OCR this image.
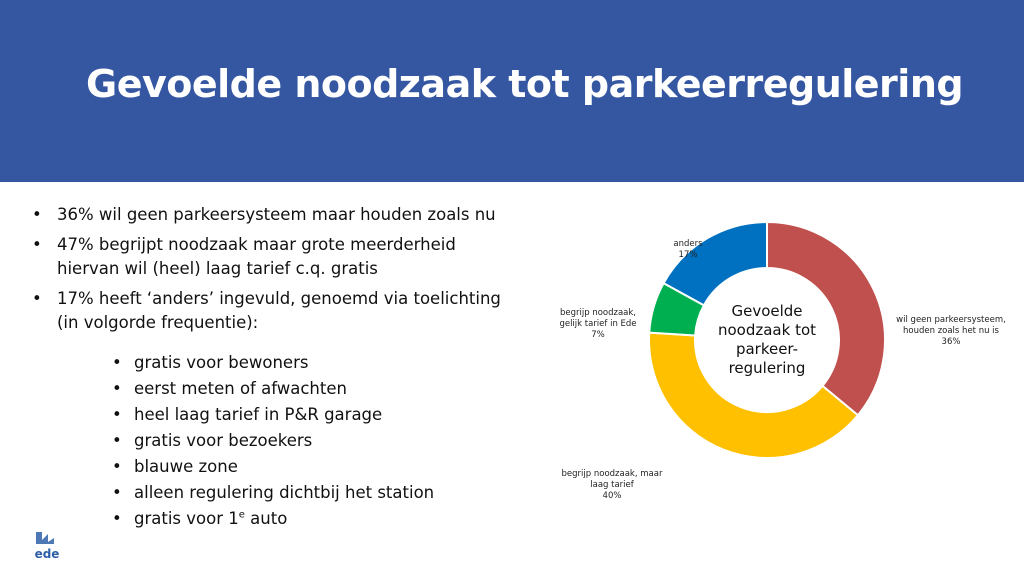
Gevoelde noodzaak tot parkeerregulering
• 36% wil geen parkeersysteem maar houden zoals nu
• 47% begrijpt noodzaak maar grote meerderheid
hiervan wil (heel) laag tarief c.q. gratis
• 17% heeft ‘anders’ ingevuld, genoemd via toelichting
(in volgorde frequentie):
• gratis voor bewoners
• eerst meten of afwachten
• heel laag tarief in P&R garage
• gratis voor bezoekers
• blauwe zone
• alleen regulering dichtbij het station
• gratis voor 1e auto
ede
wil geen parkeersysteem, houden zoals het nu is 36%
begrijp noodzaak, maar laag tarief 40%
begrijp noodzaak, gelijk tarief in Ede 7%
anders 17%
Gevoelde noodzaak tot parkeer-regulering
